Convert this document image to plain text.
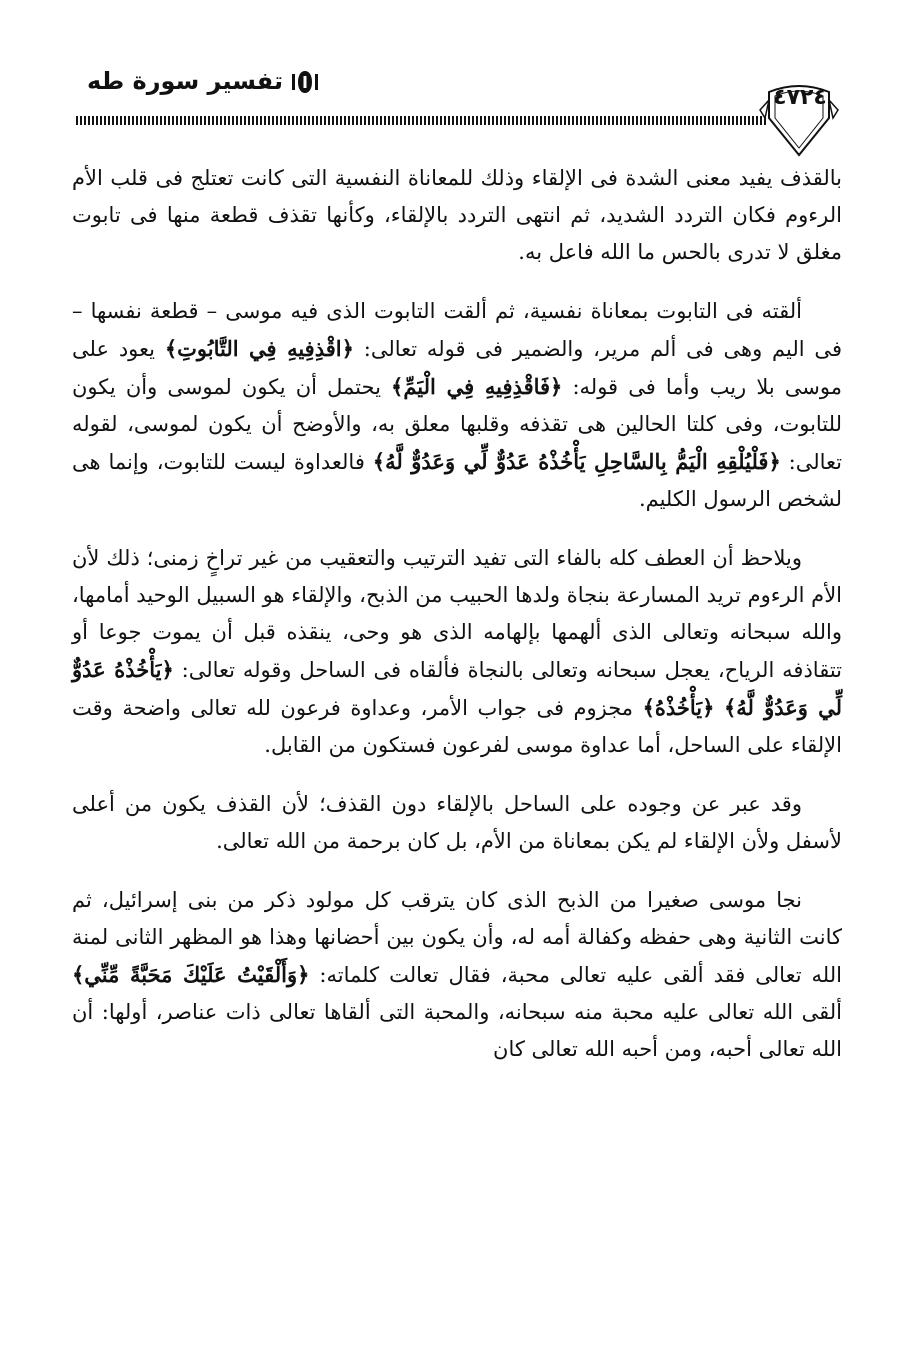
تفسير سورة طه
٤٧٢٤

بالقذف يفيد معنى الشدة فى الإلقاء وذلك للمعاناة النفسية التى كانت تعتلج فى قلب الأم الرءوم فكان التردد الشديد، ثم انتهى التردد بالإلقاء، وكأنها تقذف قطعة منها فى تابوت مغلق لا تدرى بالحس ما الله فاعل به.

ألقته فى التابوت بمعاناة نفسية، ثم ألقت التابوت الذى فيه موسى – قطعة نفسها – فى اليم وهى فى ألم مرير، والضمير فى قوله تعالى: ﴿اقْذِفِيهِ فِي التَّابُوتِ﴾ يعود على موسى بلا ريب وأما فى قوله: ﴿فَاقْذِفِيهِ فِي الْيَمِّ﴾ يحتمل أن يكون لموسى وأن يكون للتابوت، وفى كلتا الحالين هى تقذفه وقلبها معلق به، والأوضح أن يكون لموسى، لقوله تعالى: ﴿فَلْيُلْقِهِ الْيَمُّ بِالسَّاحِلِ يَأْخُذْهُ عَدُوٌّ لِّي وَعَدُوٌّ لَّهُ﴾ فالعداوة ليست للتابوت، وإنما هى لشخص الرسول الكليم.

ويلاحظ أن العطف كله بالفاء التى تفيد الترتيب والتعقيب من غير تراخٍ زمنى؛ ذلك لأن الأم الرءوم تريد المسارعة بنجاة ولدها الحبيب من الذبح، والإلقاء هو السبيل الوحيد أمامها، والله سبحانه وتعالى الذى ألهمها بإلهامه الذى هو وحى، ينقذه قبل أن يموت جوعا أو تتقاذفه الرياح، يعجل سبحانه وتعالى بالنجاة فألقاه فى الساحل وقوله تعالى: ﴿يَأْخُذْهُ عَدُوٌّ لِّي وَعَدُوٌّ لَّهُ﴾ ﴿يَأْخُذْهُ﴾ مجزوم فى جواب الأمر، وعداوة فرعون لله تعالى واضحة وقت الإلقاء على الساحل، أما عداوة موسى لفرعون فستكون من القابل.

وقد عبر عن وجوده على الساحل بالإلقاء دون القذف؛ لأن القذف يكون من أعلى لأسفل ولأن الإلقاء لم يكن بمعاناة من الأم، بل كان برحمة من الله تعالى.

نجا موسى صغيرا من الذبح الذى كان يترقب كل مولود ذكر من بنى إسرائيل، ثم كانت الثانية وهى حفظه وكفالة أمه له، وأن يكون بين أحضانها وهذا هو المظهر الثانى لمنة الله تعالى فقد ألقى عليه تعالى محبة، فقال تعالت كلماته: ﴿وَأَلْقَيْتُ عَلَيْكَ مَحَبَّةً مِّنِّي﴾ ألقى الله تعالى عليه محبة منه سبحانه، والمحبة التى ألقاها تعالى ذات عناصر، أولها: أن الله تعالى أحبه، ومن أحبه الله تعالى كان
